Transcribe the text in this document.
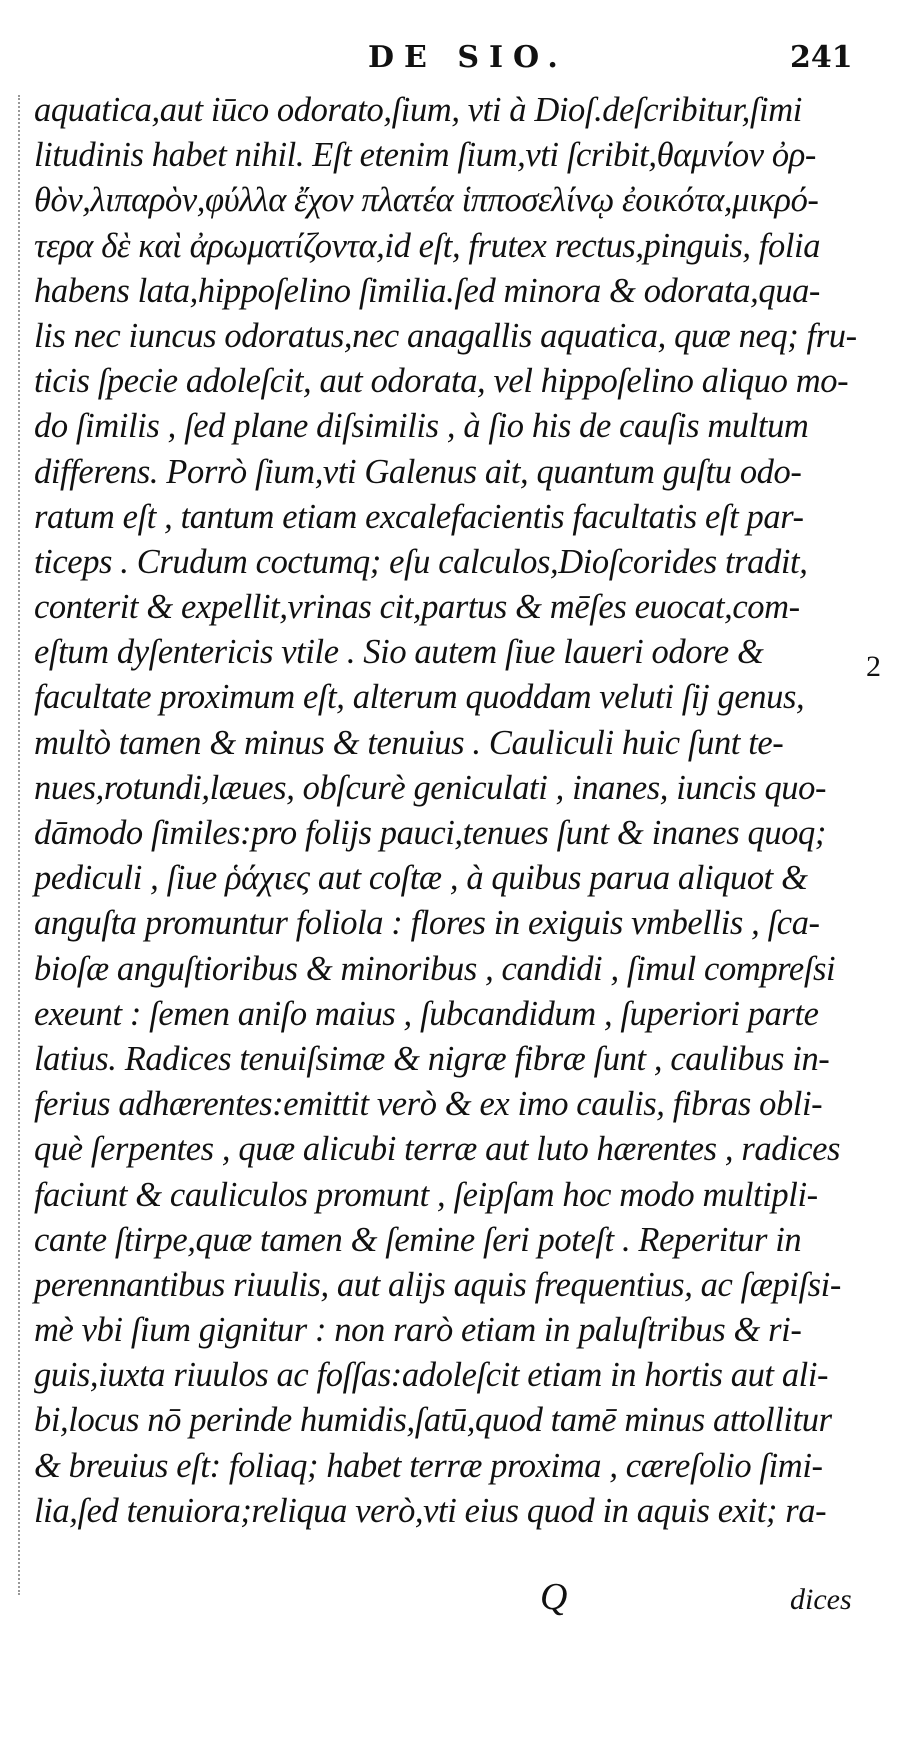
DE SIO.	241
aquatica,aut iūco odorato,ſium, vti à Dioſ.deſcribitur,ſimi
litudinis habet nihil. Eſt etenim ſium,vti ſcribit,θαμνίον ὀρ-
θὸν,λιπαρὸν,φύλλα ἔχον πλατέα ἱπποσελίνῳ ἐοικότα,μικρό-
τερα δὲ καὶ ἀρωματίζοντα,id eſt, frutex rectus,pinguis, folia
habens lata,hippoſelino ſimilia.ſed minora & odorata,qua-
lis nec iuncus odoratus,nec anagallis aquatica, quæ neq; fru-
ticis ſpecie adoleſcit, aut odorata, vel hippoſelino aliquo mo-
do ſimilis , ſed plane diſsimilis , à ſio his de cauſis multum
differens. Porrò ſium,vti Galenus ait, quantum guſtu odo-
ratum eſt , tantum etiam excalefacientis facultatis eſt par-
ticeps . Crudum coctumq; eſu calculos,Dioſcorides tradit,
conterit & expellit,vrinas cit,partus & mēſes euocat,com-
eſtum dyſentericis vtile . Sio autem ſiue laueri odore &
facultate proximum eſt, alterum quoddam veluti ſij genus,
multò tamen & minus & tenuius . Cauliculi huic ſunt te-
nues,rotundi,læues, obſcurè geniculati , inanes, iuncis quo-
dāmodo ſimiles:pro folijs pauci,tenues ſunt & inanes quoq;
pediculi , ſiue ῥάχιες aut coſtæ , à quibus parua aliquot &
anguſta promuntur foliola : flores in exiguis vmbellis , ſca-
bioſæ anguſtioribus & minoribus , candidi , ſimul compreſsi
exeunt : ſemen aniſo maius , ſubcandidum , ſuperiori parte
latius. Radices tenuiſsimæ & nigræ fibræ ſunt , caulibus in-
ferius adhærentes:emittit verò & ex imo caulis, fibras obli-
què ſerpentes , quæ alicubi terræ aut luto hærentes , radices
faciunt & cauliculos promunt , ſeipſam hoc modo multipli-
cante ſtirpe,quæ tamen & ſemine ſeri poteſt . Reperitur in
perennantibus riuulis, aut alijs aquis frequentius, ac ſæpiſsi-
mè vbi ſium gignitur : non rarò etiam in paluſtribus & ri-
guis,iuxta riuulos ac foſſas:adoleſcit etiam in hortis aut ali-
bi,locus nō perinde humidis,ſatū,quod tamē minus attollitur
& breuius eſt: foliaq; habet terræ proxima , cæreſolio ſimi-
lia,ſed tenuiora;reliqua verò,vti eius quod in aquis exit; ra-
2
Q	dices
